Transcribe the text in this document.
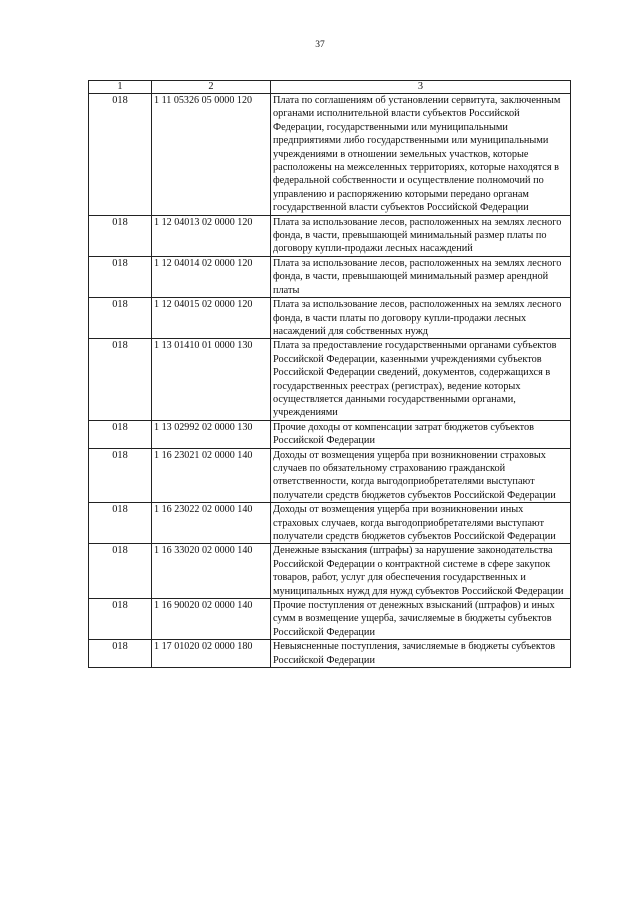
37
1	2	3
018	1 11 05326 05 0000 120	Плата по соглашениям об установлении сервитута, заключенным органами исполнительной власти субъектов Российской Федерации, государственными или муниципальными предприятиями либо государственными или муниципальными учреждениями в отношении земельных участков, которые расположены на межселенных территориях, которые находятся в федеральной собственности и осуществление полномочий по управлению и распоряжению которыми передано органам государственной власти субъектов Российской Федерации
018	1 12 04013 02 0000 120	Плата за использование лесов, расположенных на землях лесного фонда, в части, превышающей минимальный размер платы по договору купли-продажи лесных насаждений
018	1 12 04014 02 0000 120	Плата за использование лесов, расположенных на землях лесного фонда, в части, превышающей минимальный размер арендной платы
018	1 12 04015 02 0000 120	Плата за использование лесов, расположенных на землях лесного фонда, в части платы по договору купли-продажи лесных насаждений для собственных нужд
018	1 13 01410 01 0000 130	Плата за предоставление государственными органами субъектов Российской Федерации, казенными учреждениями субъектов Российской Федерации сведений, документов, содержащихся в государственных реестрах (регистрах), ведение которых осуществляется данными государственными органами, учреждениями
018	1 13 02992 02 0000 130	Прочие доходы от компенсации затрат бюджетов субъектов Российской Федерации
018	1 16 23021 02 0000 140	Доходы от возмещения ущерба при возникновении страховых случаев по обязательному страхованию гражданской ответственности, когда выгодоприобретателями выступают получатели средств бюджетов субъектов Российской Федерации
018	1 16 23022 02 0000 140	Доходы от возмещения ущерба при возникновении иных страховых случаев, когда выгодоприобретателями выступают получатели средств бюджетов субъектов Российской Федерации
018	1 16 33020 02 0000 140	Денежные взыскания (штрафы) за нарушение законодательства Российской Федерации о контрактной системе в сфере закупок товаров, работ, услуг для обеспечения государственных и муниципальных нужд для нужд субъектов Российской Федерации
018	1 16 90020 02 0000 140	Прочие поступления от денежных взысканий (штрафов) и иных сумм в возмещение ущерба, зачисляемые в бюджеты субъектов Российской Федерации
018	1 17 01020 02 0000 180	Невыясненные поступления, зачисляемые в бюджеты субъектов Российской Федерации
